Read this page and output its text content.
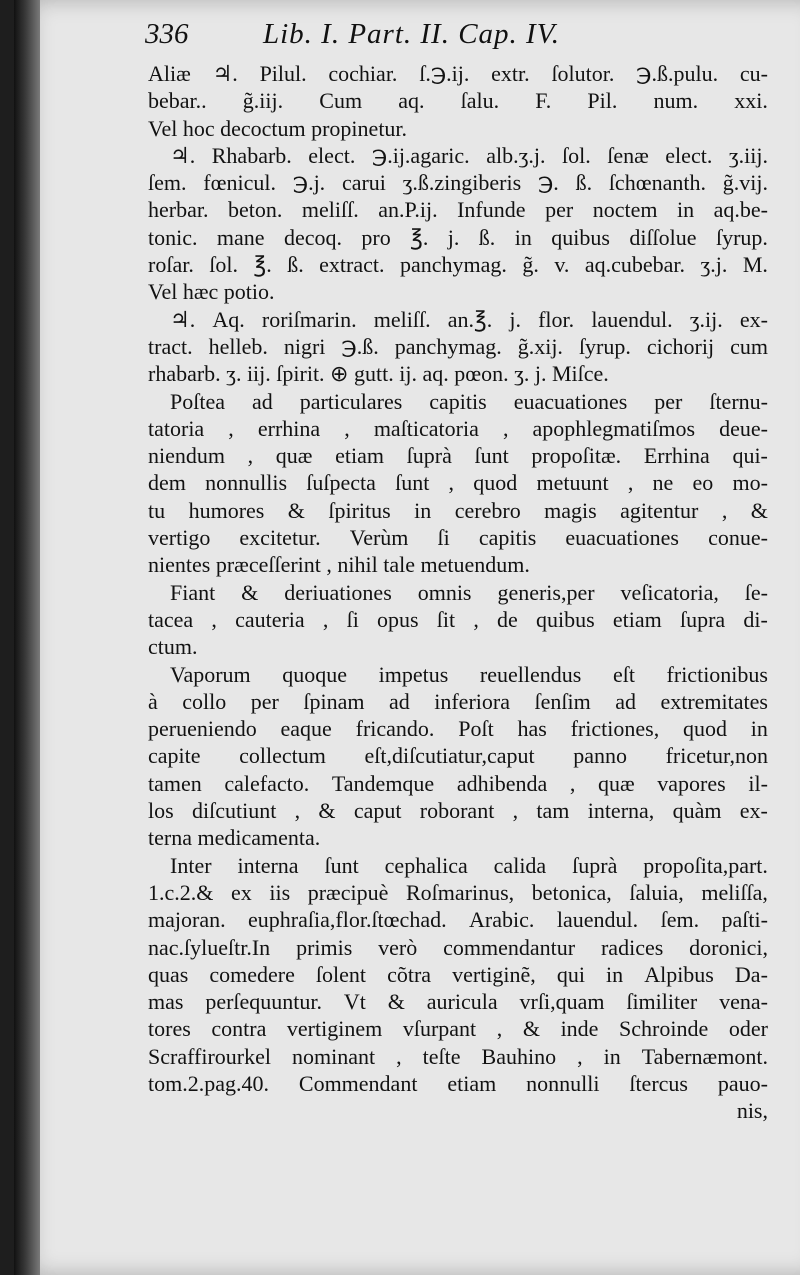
336	Lib. I. Part. II. Cap. IV.
Aliæ ♃. Pilul. cochiar. ſ.℈.ij. extr. ſolutor. ℈.ß.pulu. cu-
bebar.. g̃.iij. Cum aq. ſalu. F. Pil. num. xxi.
Vel hoc decoctum propinetur.
♃. Rhabarb. elect. ℈.ij.agaric. alb.ʒ.j. ſol. ſenæ elect. ʒ.iij.
ſem. fœnicul. ℈.j. carui ʒ.ß.zingiberis ℈. ß. ſchœnanth. g̃.vij.
herbar. beton. meliſſ. an.P.ij. Infunde per noctem in aq.be-
tonic. mane decoq. pro ℥. j. ß. in quibus diſſolue ſyrup.
roſar. ſol. ℥. ß. extract. panchymag. g̃. v. aq.cubebar. ʒ.j. M.
Vel hæc potio.
♃. Aq. roriſmarin. meliſſ. an.℥. j. flor. lauendul. ʒ.ij. ex-
tract. helleb. nigri ℈.ß. panchymag. g̃.xij. ſyrup. cichorij cum
rhabarb. ʒ. iij. ſpirit. ⊕ gutt. ij. aq. pœon. ʒ. j. Miſce.
Poſtea ad particulares capitis euacuationes per ſternu-
tatoria , errhina , maſticatoria , apophlegmatiſmos deue-
niendum , quæ etiam ſuprà ſunt propoſitæ. Errhina qui-
dem nonnullis ſuſpecta ſunt , quod metuunt , ne eo mo-
tu humores & ſpiritus in cerebro magis agitentur , &
vertigo excitetur. Verùm ſi capitis euacuationes conue-
nientes præceſſerint , nihil tale metuendum.
Fiant & deriuationes omnis generis,per veſicatoria, ſe-
tacea , cauteria , ſi opus ſit , de quibus etiam ſupra di-
ctum.
Vaporum quoque impetus reuellendus eſt frictionibus
à collo per ſpinam ad inferiora ſenſim ad extremitates
perueniendo eaque fricando. Poſt has frictiones, quod in
capite collectum eſt,diſcutiatur,caput panno fricetur,non
tamen calefacto. Tandemque adhibenda , quæ vapores il-
los diſcutiunt , & caput roborant , tam interna, quàm ex-
terna medicamenta.
Inter interna ſunt cephalica calida ſuprà propoſita,part.
1.c.2.& ex iis præcipuè Roſmarinus, betonica, ſaluia, meliſſa,
majoran. euphraſia,flor.ſtœchad. Arabic. lauendul. ſem. paſti-
nac.ſylueſtr.In primis verò commendantur radices doronici,
quas comedere ſolent cõtra vertiginẽ, qui in Alpibus Da-
mas perſequuntur. Vt & auricula vrſi,quam ſimiliter vena-
tores contra vertiginem vſurpant , & inde Schroinde oder
Scraffirourkel nominant , teſte Bauhino , in Tabernæmont.
tom.2.pag.40. Commendant etiam nonnulli ſtercus pauo-
nis,
